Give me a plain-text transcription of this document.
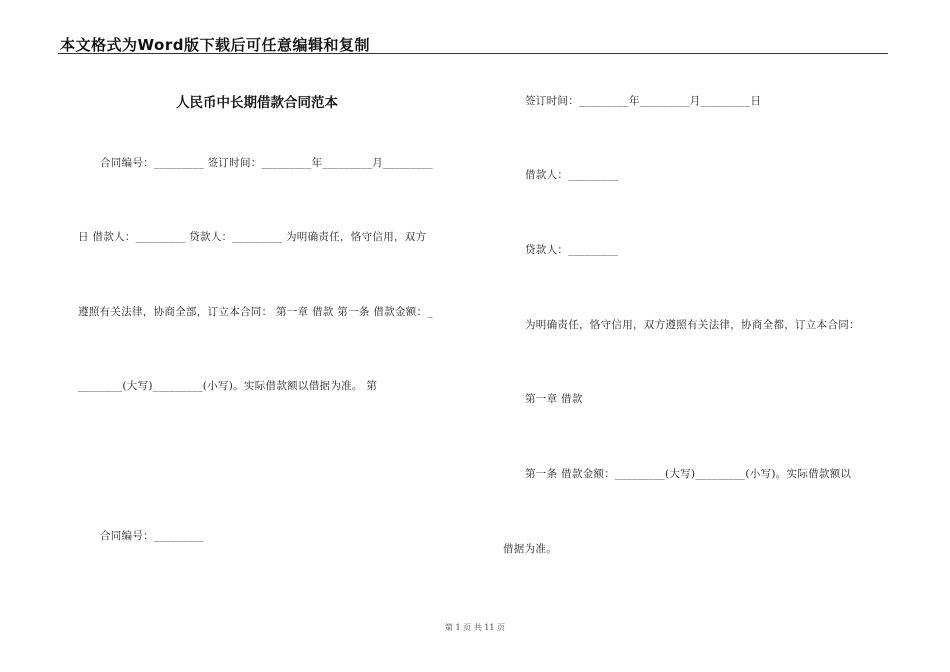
本文格式为Word版下载后可任意编辑和复制
人民币中长期借款合同范本
合同编号：_________ 签订时间：_________年_________月_________
日 借款人：_________ 贷款人：_________ 为明确责任，恪守信用，双方
遵照有关法律，协商全部，订立本合同： 第一章 借款 第一条 借款金额：_
________(大写)_________(小写)。实际借款额以借据为准。 第
合同编号：_________
签订时间：_________年_________月_________日
借款人：_________
贷款人：_________
为明确责任，恪守信用，双方遵照有关法律，协商全都，订立本合同：
第一章 借款
第一条 借款金额：_________(大写)_________(小写)。实际借款额以
借据为准。
第 1 页 共 11 页
